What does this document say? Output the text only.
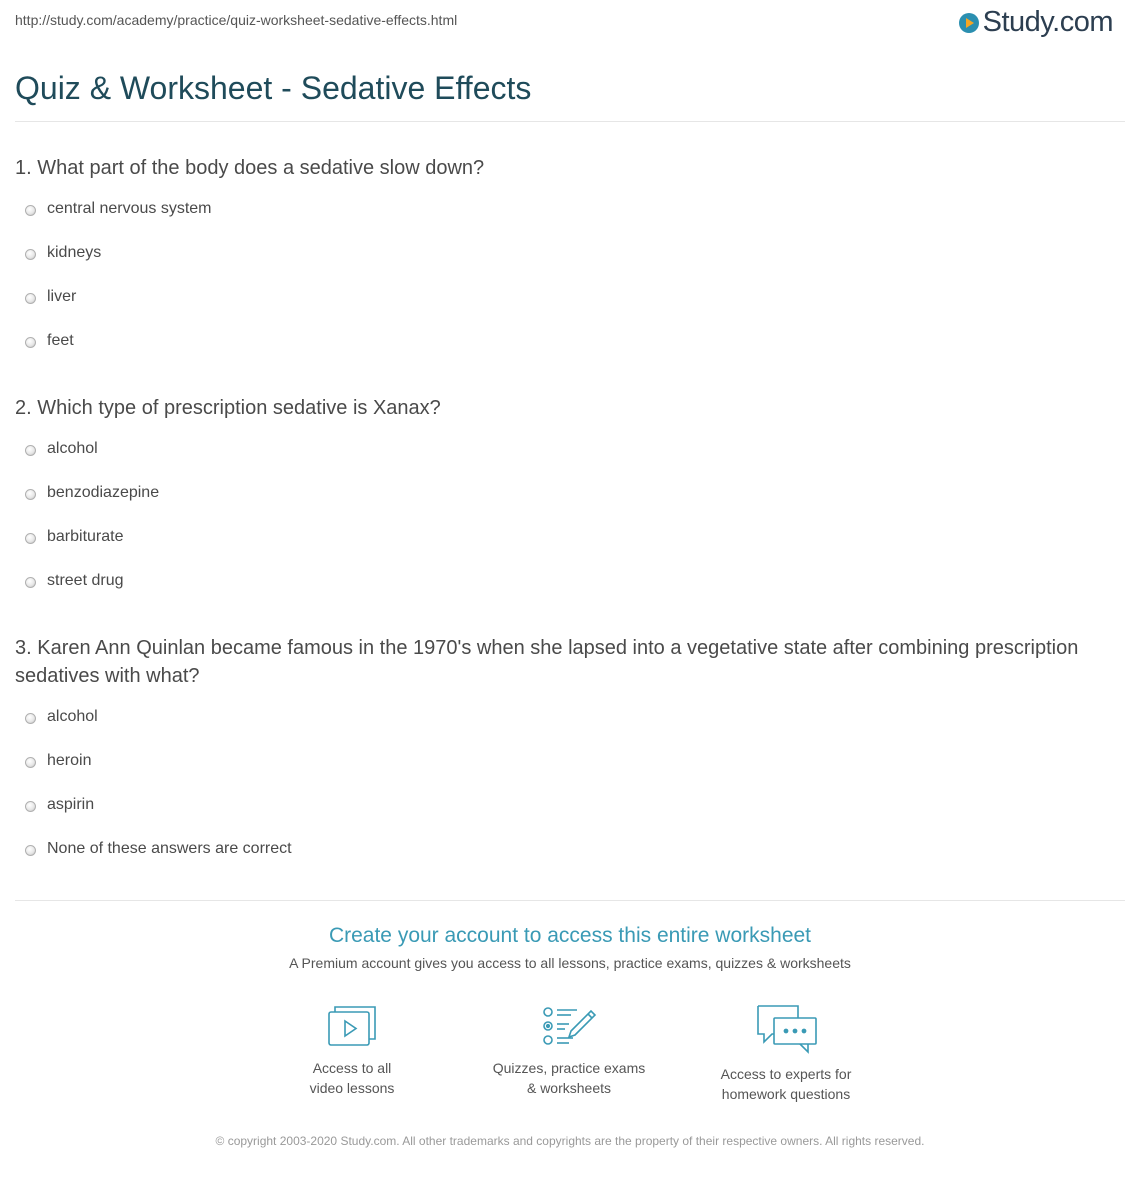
http://study.com/academy/practice/quiz-worksheet-sedative-effects.html	Study.com
Quiz & Worksheet - Sedative Effects
1. What part of the body does a sedative slow down?
central nervous system
kidneys
liver
feet
2. Which type of prescription sedative is Xanax?
alcohol
benzodiazepine
barbiturate
street drug
3. Karen Ann Quinlan became famous in the 1970's when she lapsed into a vegetative state after combining prescription sedatives with what?
alcohol
heroin
aspirin
None of these answers are correct
Create your account to access this entire worksheet
A Premium account gives you access to all lessons, practice exams, quizzes & worksheets
Access to all
video lessons
Quizzes, practice exams
& worksheets
Access to experts for
homework questions
© copyright 2003-2020 Study.com. All other trademarks and copyrights are the property of their respective owners. All rights reserved.
